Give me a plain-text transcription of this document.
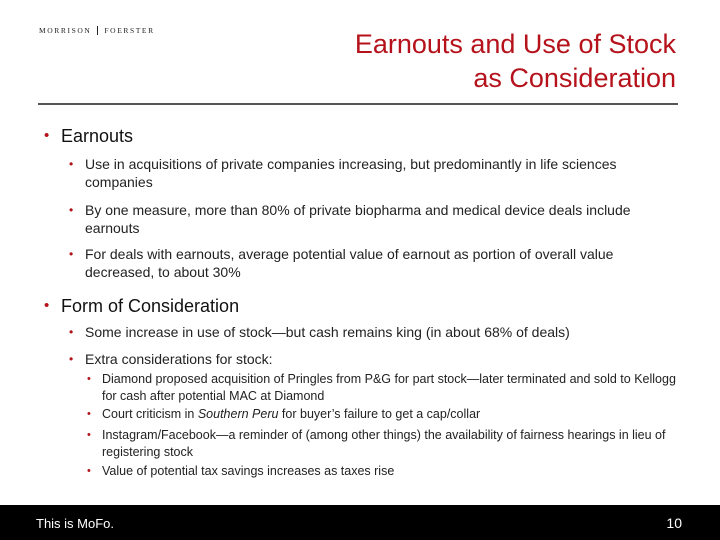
MORRISON FOERSTER	Earnouts and Use of Stock
as Consideration
• Earnouts
• Use in acquisitions of private companies increasing, but predominantly in life sciences companies
• By one measure, more than 80% of private biopharma and medical device deals include earnouts
• For deals with earnouts, average potential value of earnout as portion of overall value decreased, to about 30%
• Form of Consideration
• Some increase in use of stock—but cash remains king (in about 68% of deals)
• Extra considerations for stock:
• Diamond proposed acquisition of Pringles from P&G for part stock—later terminated and sold to Kellogg for cash after potential MAC at Diamond
• Court criticism in Southern Peru for buyer’s failure to get a cap/collar
• Instagram/Facebook—a reminder of (among other things) the availability of fairness hearings in lieu of registering stock
• Value of potential tax savings increases as taxes rise
This is MoFo.	10
